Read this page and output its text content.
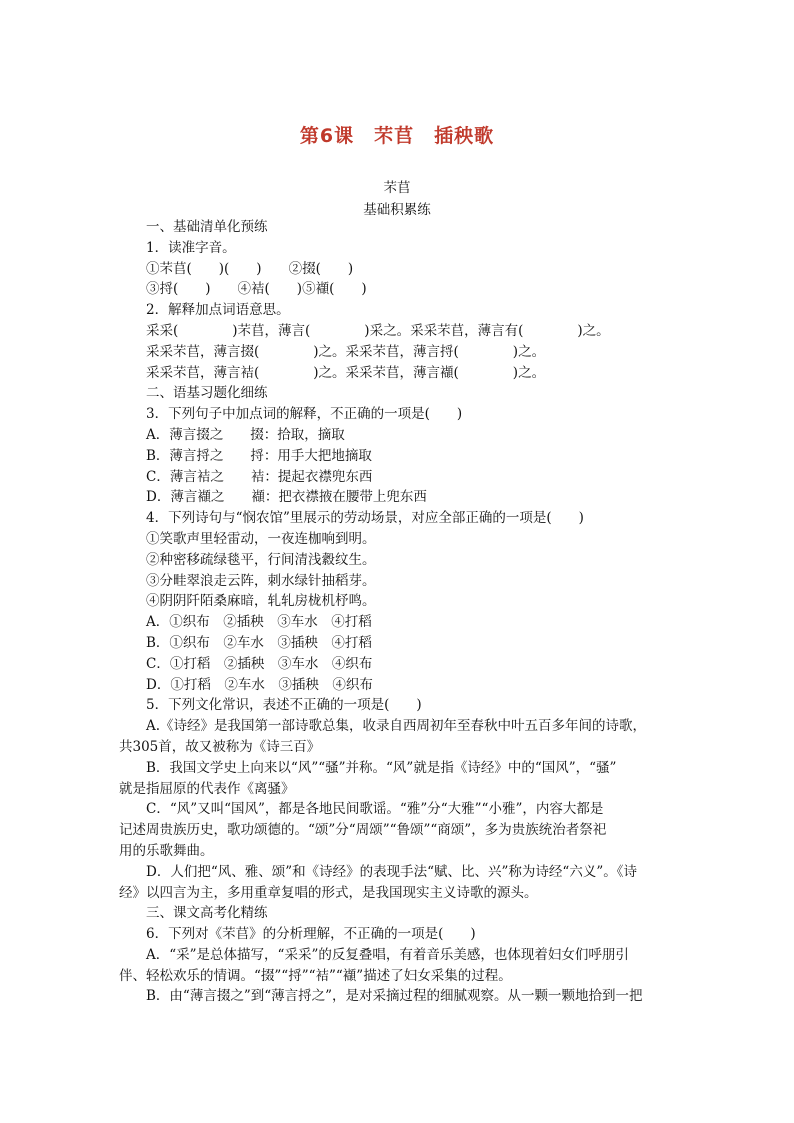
第6课　芣苢　插秧歌
芣苢
基础积累练
一、基础清单化预练
1．读准字音。
①芣苢(　　)(　　)　　②掇(　　)
③捋(　　)　　④袺(　　)⑤襭(　　)
2．解释加点词语意思。
采采(　　　　)芣苢，薄言(　　　　)采之。采采芣苢，薄言有(　　　　)之。
采采芣苢，薄言掇(　　　　)之。采采芣苢，薄言捋(　　　　)之。
采采芣苢，薄言袺(　　　　)之。采采芣苢，薄言襭(　　　　)之。
二、语基习题化细练
3．下列句子中加点词的解释，不正确的一项是(　　)
A．薄言掇之　　掇：拾取，摘取
B．薄言捋之　　捋：用手大把地摘取
C．薄言袺之　　袺：提起衣襟兜东西
D．薄言襭之　　襭：把衣襟掖在腰带上兜东西
4．下列诗句与“悯农馆”里展示的劳动场景，对应全部正确的一项是(　　)
①笑歌声里轻雷动，一夜连枷响到明。
②种密移疏绿毯平，行间清浅縠纹生。
③分畦翠浪走云阵，刺水绿针抽稻芽。
④阴阴阡陌桑麻暗，轧轧房栊机杼鸣。
A．①织布　②插秧　③车水　④打稻
B．①织布　②车水　③插秧　④打稻
C．①打稻　②插秧　③车水　④织布
D．①打稻　②车水　③插秧　④织布
5．下列文化常识，表述不正确的一项是(　　)
A.《诗经》是我国第一部诗歌总集，收录自西周初年至春秋中叶五百多年间的诗歌，
共305首，故又被称为《诗三百》
B．我国文学史上向来以“风”“骚”并称。“风”就是指《诗经》中的“国风”，“骚”
就是指屈原的代表作《离骚》
C．“风”又叫“国风”，都是各地民间歌谣。“雅”分“大雅”“小雅”，内容大都是
记述周贵族历史，歌功颂德的。“颂”分“周颂”“鲁颂”“商颂”，多为贵族统治者祭祀
用的乐歌舞曲。
D．人们把“风、雅、颂”和《诗经》的表现手法“赋、比、兴”称为诗经“六义”。《诗
经》以四言为主，多用重章复唱的形式，是我国现实主义诗歌的源头。
三、课文高考化精练
6．下列对《芣苢》的分析理解，不正确的一项是(　　)
A．“采”是总体描写，“采采”的反复叠唱，有着音乐美感，也体现着妇女们呼朋引
伴、轻松欢乐的情调。“掇”“捋”“袺”“襭”描述了妇女采集的过程。
B．由“薄言掇之”到“薄言捋之”，是对采摘过程的细腻观察。从一颗一颗地拾到一把
